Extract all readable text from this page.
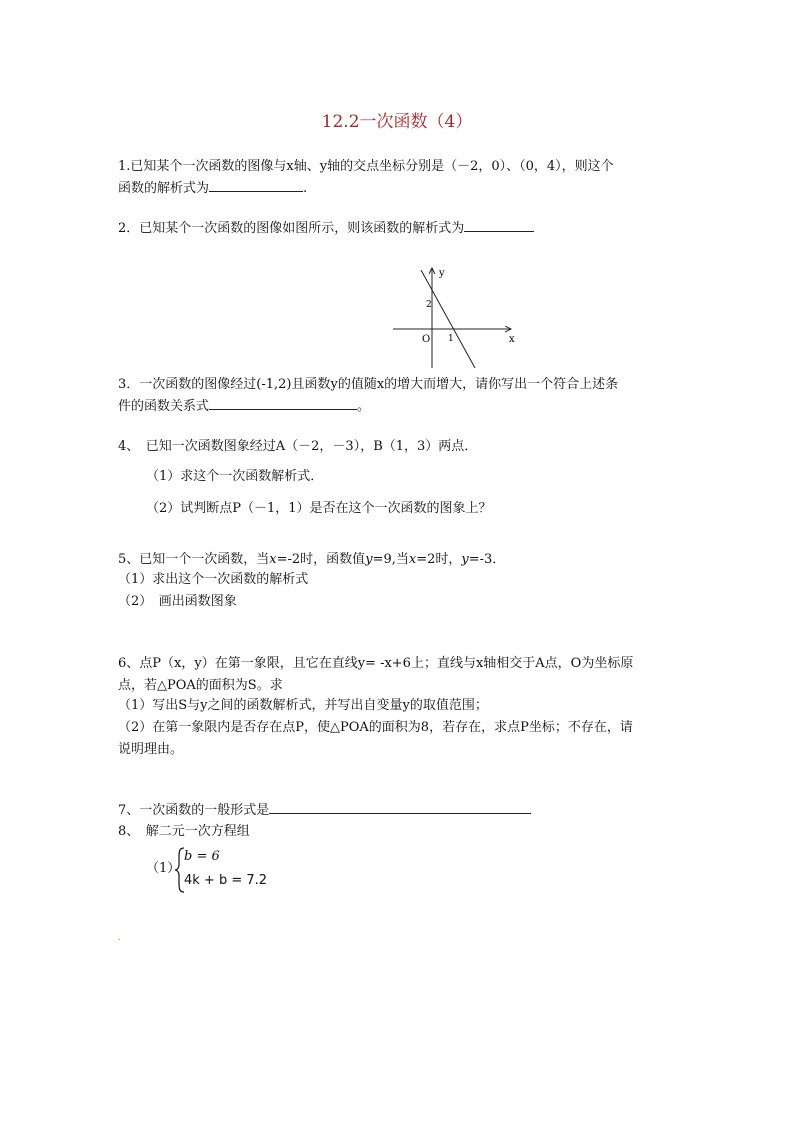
12.2一次函数（4）
1.已知某个一次函数的图像与x轴、y轴的交点坐标分别是（－2，0）、（0，4），则这个
函数的解析式为	.
2．已知某个一次函数的图像如图所示，则该函数的解析式为
x
y
O 1
2
3．一次函数的图像经过(-1,2)且函数y的值随x的增大而增大，请你写出一个符合上述条
件的函数关系式	。
4、　已知一次函数图象经过A（－2，－3），B（1，3）两点．
（1）求这个一次函数解析式．
（2）试判断点P（－1，1）是否在这个一次函数的图象上？
5、已知一个一次函数，当x=-2时，函数值y=9,当x=2时，y=-3．
（1）求出这个一次函数的解析式
（2）　画出函数图象
6、点P（x，y）在第一象限，且它在直线y= -x+6上；直线与x轴相交于A点，O为坐标原
点，若△POA的面积为S。求
（1）写出S与y之间的函数解析式，并写出自变量y的取值范围；
（2）在第一象限内是否存在点P，使△POA的面积为8，若存在，求点P坐标；不存在，请
说明理由。
7、一次函数的一般形式是
8、　解二元一次方程组
（1）
b = 6
4k + b = 7.2
.
